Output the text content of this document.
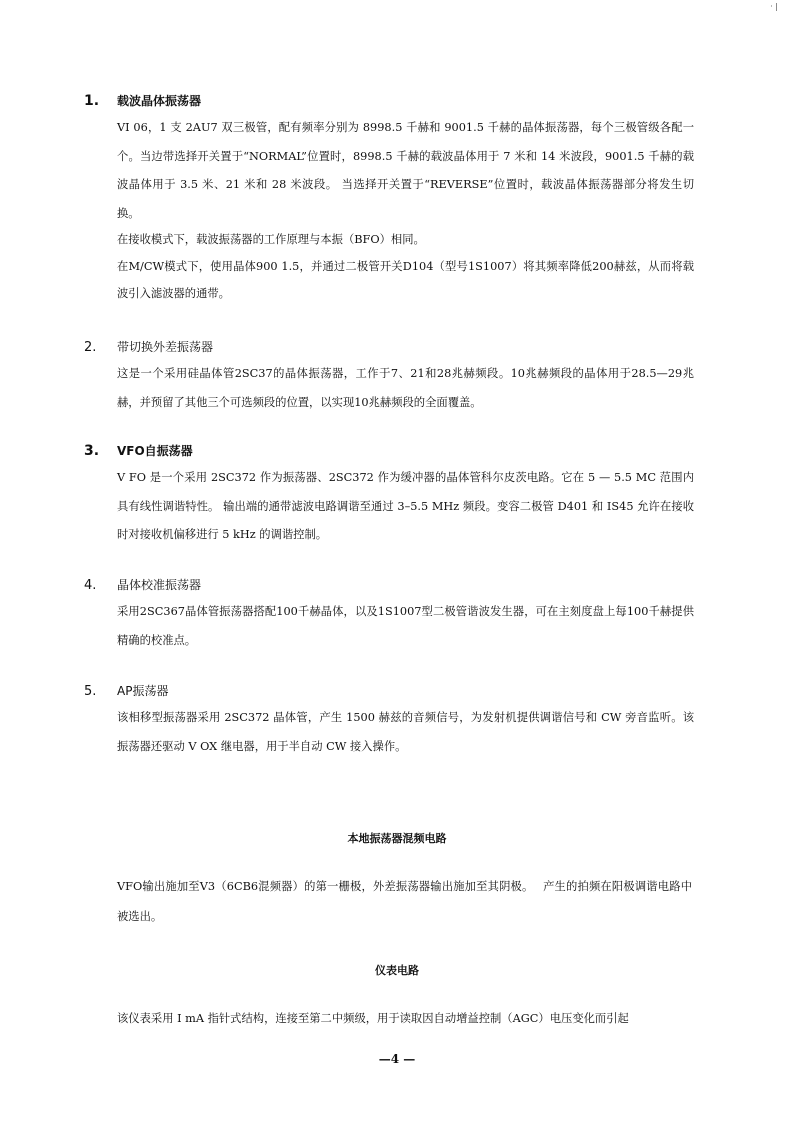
· |
1.	载波晶体振荡器

VI 06，1 支 2AU7 双三极管，配有频率分别为 8998.5 千赫和 9001.5 千赫的晶体振荡器，每个三极管级各配一个。当边带选择开关置于“NORMAL”位置时，8998.5 千赫的载波晶体用于 7 米和 14 米波段，9001.5 千赫的载波晶体用于 3.5 米、21 米和 28 米波段。 当选择开关置于“REVERSE”位置时，载波晶体振荡器部分将发生切换。

在接收模式下，载波振荡器的工作原理与本振（BFO）相同。

在M/CW模式下，使用晶体900 1.5，并通过二极管开关D104（型号1S1007）将其频率降低200赫兹，从而将载波引入滤波器的通带。

2.	带切换外差振荡器

这是一个采用硅晶体管2SC37的晶体振荡器，工作于7、21和28兆赫频段。10兆赫频段的晶体用于28.5—29兆赫，并预留了其他三个可选频段的位置，以实现10兆赫频段的全面覆盖。

3.	VFO自振荡器

V FO 是一个采用 2SC372 作为振荡器、2SC372 作为缓冲器的晶体管科尔皮茨电路。它在 5 — 5.5 MC 范围内具有线性调谐特性。 输出端的通带滤波电路调谐至通过 3–5.5 MHz 频段。变容二极管 D401 和 IS45 允许在接收时对接收机偏移进行 5 kHz 的调谐控制。

4.	晶体校准振荡器

采用2SC367晶体管振荡器搭配100千赫晶体，以及1S1007型二极管谐波发生器，可在主刻度盘上每100千赫提供精确的校准点。

5.	AP振荡器

该相移型振荡器采用 2SC372 晶体管，产生 1500 赫兹的音频信号，为发射机提供调谐信号和 CW 旁音监听。该振荡器还驱动 V OX 继电器，用于半自动 CW 接入操作。

本地振荡器混频电路

VFO输出施加至V3（6CB6混频器）的第一栅极，外差振荡器输出施加至其阴极。　 产生的拍频在阳极调谐电路中被选出。

仪表电路

该仪表采用 I mA 指针式结构，连接至第二中频级，用于读取因自动增益控制（AGC）电压变化而引起

—4 —
